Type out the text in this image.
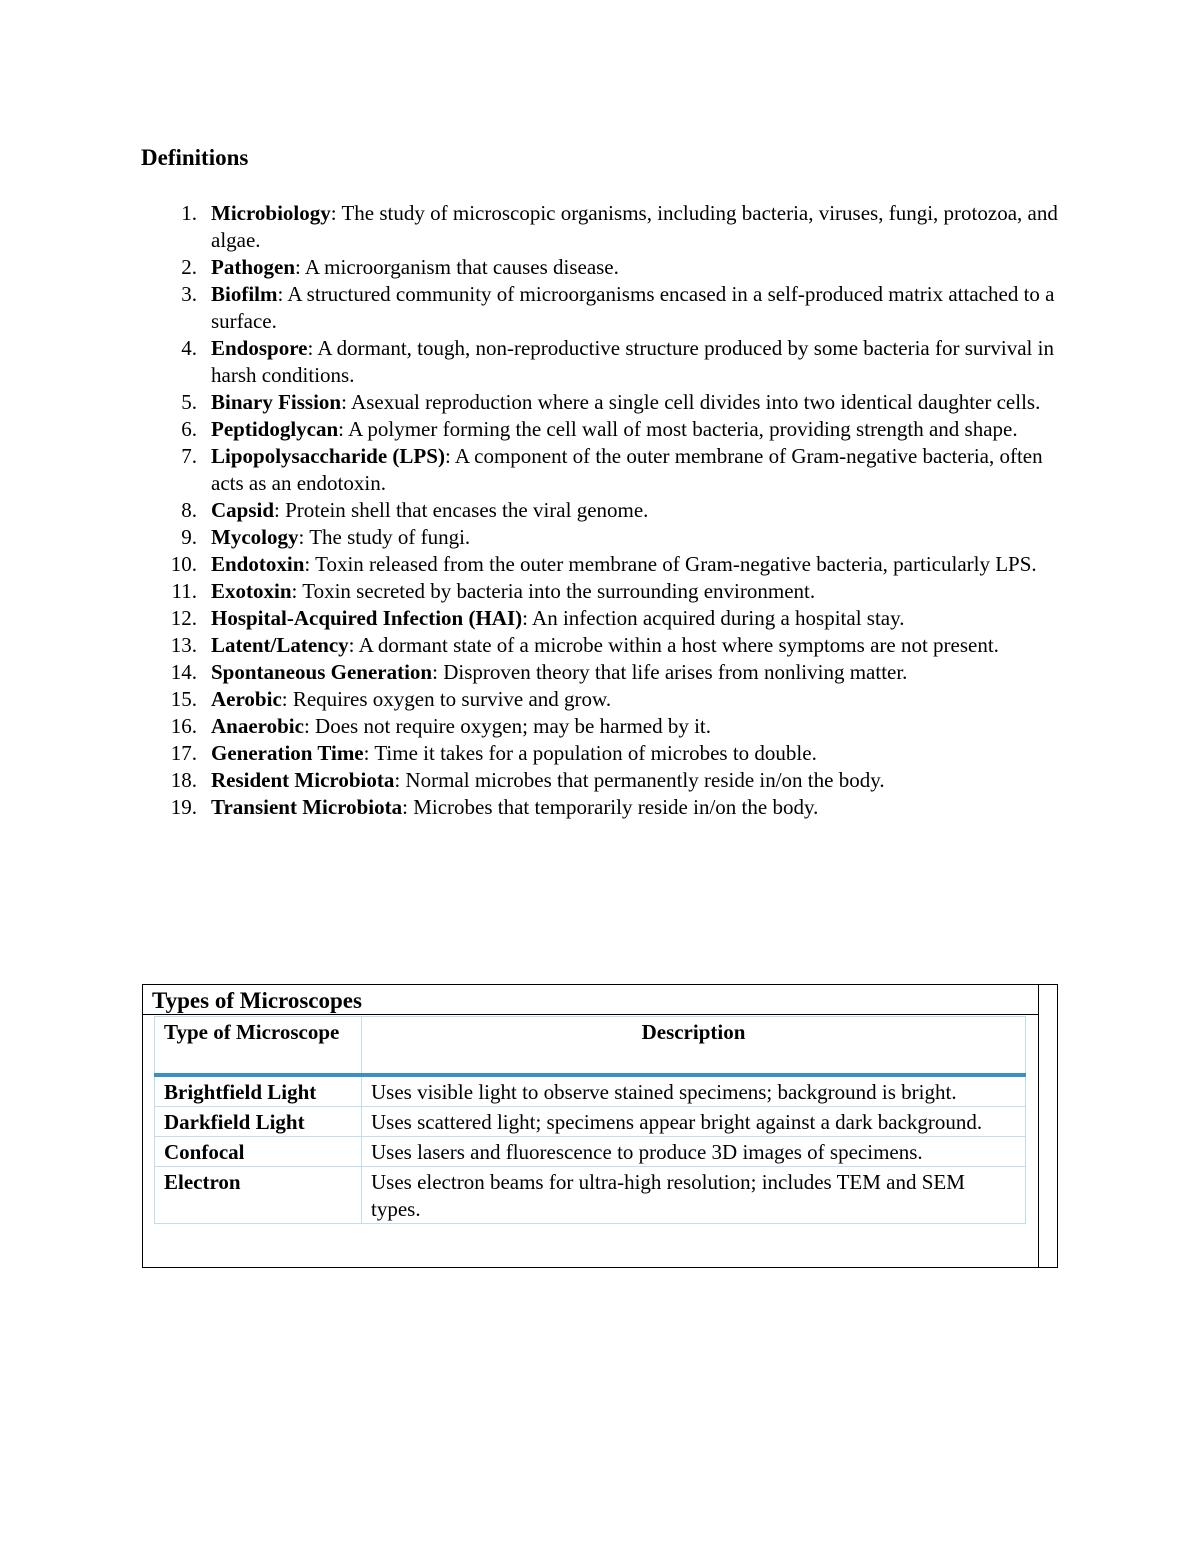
Definitions
1. Microbiology: The study of microscopic organisms, including bacteria, viruses, fungi, protozoa, and algae.
2. Pathogen: A microorganism that causes disease.
3. Biofilm: A structured community of microorganisms encased in a self-produced matrix attached to a surface.
4. Endospore: A dormant, tough, non-reproductive structure produced by some bacteria for survival in harsh conditions.
5. Binary Fission: Asexual reproduction where a single cell divides into two identical daughter cells.
6. Peptidoglycan: A polymer forming the cell wall of most bacteria, providing strength and shape.
7. Lipopolysaccharide (LPS): A component of the outer membrane of Gram-negative bacteria, often acts as an endotoxin.
8. Capsid: Protein shell that encases the viral genome.
9. Mycology: The study of fungi.
10. Endotoxin: Toxin released from the outer membrane of Gram-negative bacteria, particularly LPS.
11. Exotoxin: Toxin secreted by bacteria into the surrounding environment.
12. Hospital-Acquired Infection (HAI): An infection acquired during a hospital stay.
13. Latent/Latency: A dormant state of a microbe within a host where symptoms are not present.
14. Spontaneous Generation: Disproven theory that life arises from nonliving matter.
15. Aerobic: Requires oxygen to survive and grow.
16. Anaerobic: Does not require oxygen; may be harmed by it.
17. Generation Time: Time it takes for a population of microbes to double.
18. Resident Microbiota: Normal microbes that permanently reside in/on the body.
19. Transient Microbiota: Microbes that temporarily reside in/on the body.
Types of Microscopes
Type of Microscope	Description
Brightfield Light	Uses visible light to observe stained specimens; background is bright.
Darkfield Light	Uses scattered light; specimens appear bright against a dark background.
Confocal	Uses lasers and fluorescence to produce 3D images of specimens.
Electron	Uses electron beams for ultra-high resolution; includes TEM and SEM types.
